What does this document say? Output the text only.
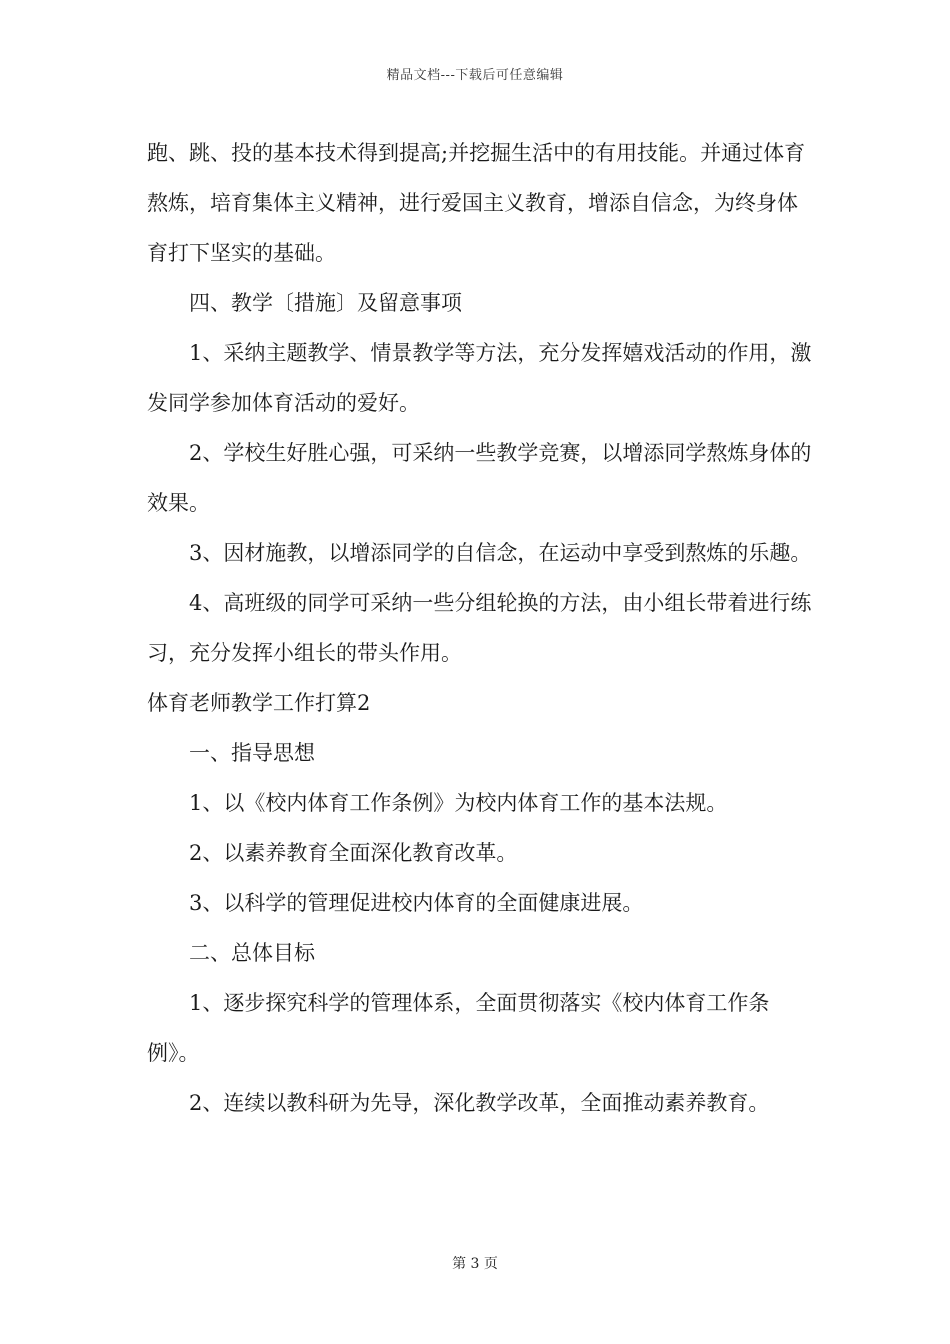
精品文档---下载后可任意编辑

跑、跳、投的基本技术得到提高;并挖掘生活中的有用技能。并通过体育熬炼，培育集体主义精神，进行爱国主义教育，增添自信念，为终身体育打下坚实的基础。

四、教学〔措施〕及留意事项

1、采纳主题教学、情景教学等方法，充分发挥嬉戏活动的作用，激发同学参加体育活动的爱好。

2、学校生好胜心强，可采纳一些教学竞赛，以增添同学熬炼身体的效果。

3、因材施教，以增添同学的自信念，在运动中享受到熬炼的乐趣。

4、高班级的同学可采纳一些分组轮换的方法，由小组长带着进行练习，充分发挥小组长的带头作用。

体育老师教学工作打算2

一、指导思想

1、以《校内体育工作条例》为校内体育工作的基本法规。

2、以素养教育全面深化教育改革。

3、以科学的管理促进校内体育的全面健康进展。

二、总体目标

1、逐步探究科学的管理体系，全面贯彻落实《校内体育工作条例》。

2、连续以教科研为先导，深化教学改革，全面推动素养教育。

第 3 页
